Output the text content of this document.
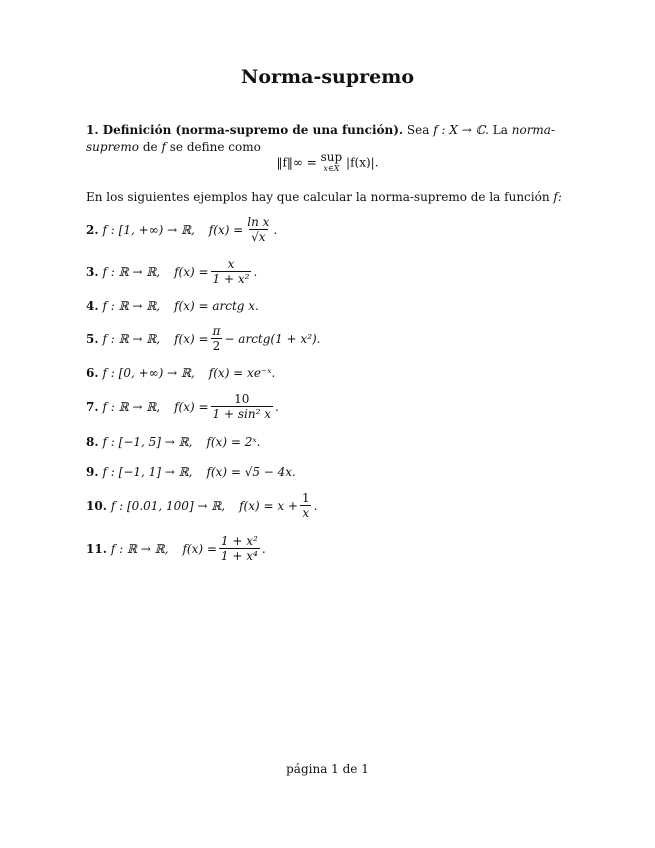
Norma-supremo
1. Definición (norma-supremo de una función). Sea f : X → ℂ. La norma-supremo de f se define como
‖f‖∞ = sup
x∈X |f(x)|.
En los siguientes ejemplos hay que calcular la norma-supremo de la función f:
2. f : [1, +∞) → ℝ, $f(x) = \frac{\text{ln x}}{√x}$ .
3. f : ℝ → ℝ, $f(x) = \frac{x}{\text{1 + x²}}$ .
4. f : ℝ → ℝ, f(x) = arctg x.
5. f : ℝ → ℝ, $f(x) = \frac{\pi}{2}$ − arctg(1 + x²).
6. f : [0, +∞) → ℝ, f(x) = xe⁻ˣ.
7. f : ℝ → ℝ, $f(x) = \frac{10}{\text{1 + sin² x}}$ .
8. f : [−1, 5] → ℝ, f(x) = 2ˣ.
9. f : [−1, 1] → ℝ, f(x) = √5 − 4x.
10. f : [0.01, 100] → ℝ, $f(x) = x + \frac{1}{x}$ .
11. f : ℝ → ℝ, $f(x) = \frac{\text{1 + x²}}{\text{1 + x⁴}}$ .
página 1 de 1
